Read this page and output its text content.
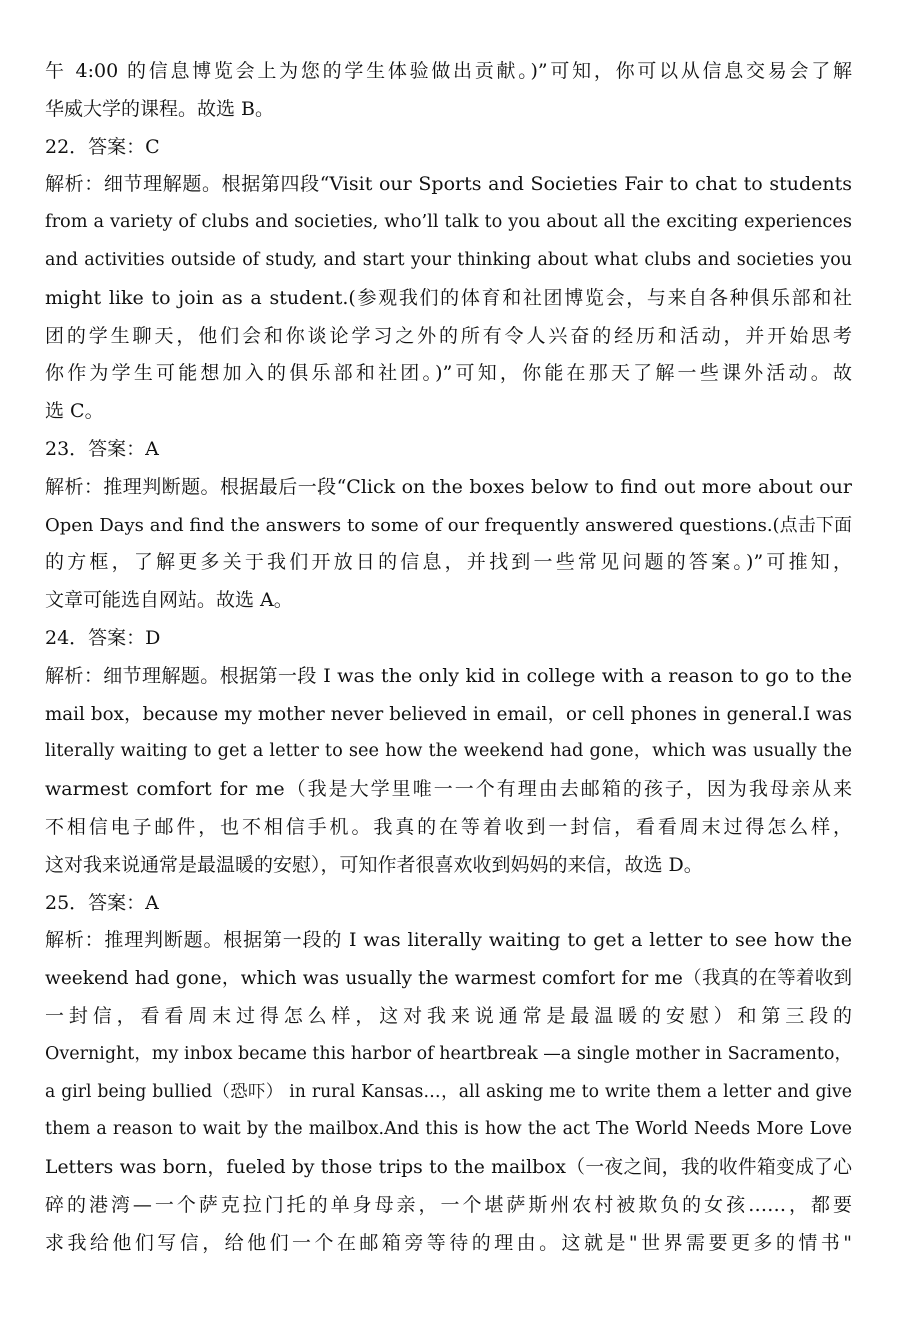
午 4:00 的信息博览会上为您的学生体验做出贡献。)”可知，你可以从信息交易会了解
华威大学的课程。故选 B。
22．答案：C
解析：细节理解题。根据第四段“Visit our Sports and Societies Fair to chat to students
from a variety of clubs and societies, who’ll talk to you about all the exciting experiences
and activities outside of study, and start your thinking about what clubs and societies you
might like to join as a student.(参观我们的体育和社团博览会，与来自各种俱乐部和社
团的学生聊天，他们会和你谈论学习之外的所有令人兴奋的经历和活动，并开始思考
你作为学生可能想加入的俱乐部和社团。)”可知，你能在那天了解一些课外活动。故
选 C。
23．答案：A
解析：推理判断题。根据最后一段“Click on the boxes below to find out more about our
Open Days and find the answers to some of our frequently answered questions.(点击下面
的方框，了解更多关于我们开放日的信息，并找到一些常见问题的答案。)”可推知，
文章可能选自网站。故选 A。
24．答案：D
解析：细节理解题。根据第一段 I was the only kid in college with a reason to go to the
mail box，because my mother never believed in email，or cell phones in general.I was
literally waiting to get a letter to see how the weekend had gone，which was usually the
warmest comfort for me（我是大学里唯一一个有理由去邮箱的孩子，因为我母亲从来
不相信电子邮件，也不相信手机。我真的在等着收到一封信，看看周末过得怎么样，
这对我来说通常是最温暖的安慰），可知作者很喜欢收到妈妈的来信，故选 D。
25．答案：A
解析：推理判断题。根据第一段的 I was literally waiting to get a letter to see how the
weekend had gone，which was usually the warmest comfort for me（我真的在等着收到
一封信，看看周末过得怎么样，这对我来说通常是最温暖的安慰）和第三段的
Overnight，my inbox became this harbor of heartbreak —a single mother in Sacramento，
a girl being bullied（恐吓） in rural Kansas…，all asking me to write them a letter and give
them a reason to wait by the mailbox.And this is how the act The World Needs More Love
Letters was born，fueled by those trips to the mailbox（一夜之间，我的收件箱变成了心
碎的港湾—一个萨克拉门托的单身母亲，一个堪萨斯州农村被欺负的女孩……，都要
求我给他们写信，给他们一个在邮箱旁等待的理由。这就是"世界需要更多的情书"
